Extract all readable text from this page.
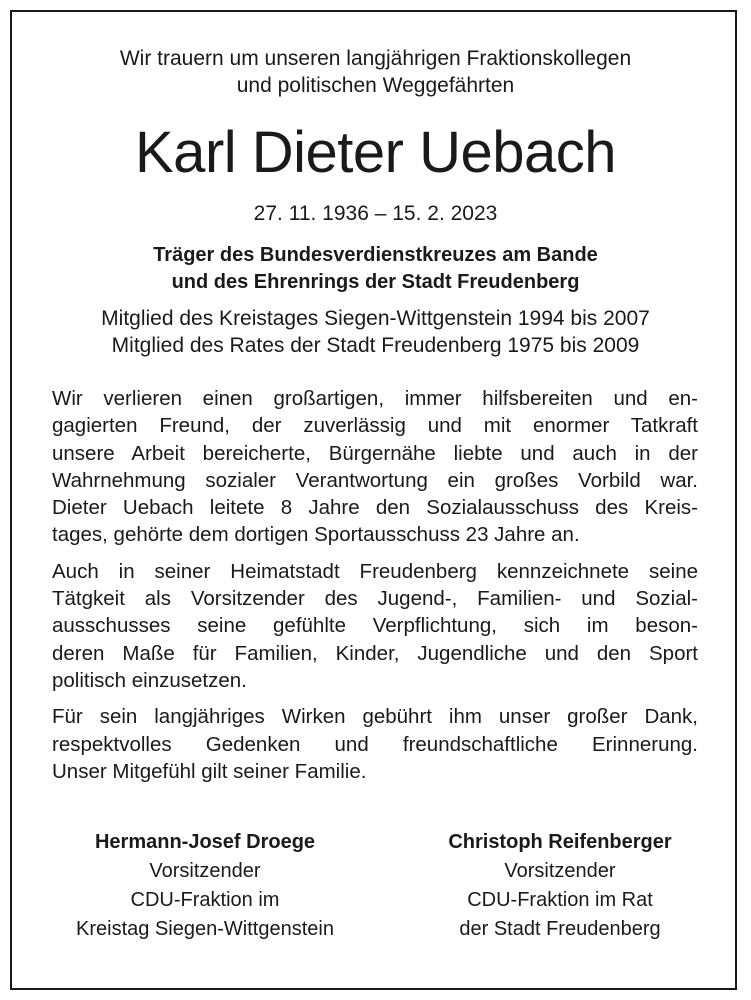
Wir trauern um unseren langjährigen Fraktionskollegen
und politischen Weggefährten
Karl Dieter Uebach
27. 11. 1936 – 15. 2. 2023
Träger des Bundesverdienstkreuzes am Bande
und des Ehrenrings der Stadt Freudenberg
Mitglied des Kreistages Siegen-Wittgenstein 1994 bis 2007
Mitglied des Rates der Stadt Freudenberg 1975 bis 2009

Wir verlieren einen großartigen, immer hilfsbereiten und en-
gagierten Freund, der zuverlässig und mit enormer Tatkraft
unsere Arbeit bereicherte, Bürgernähe liebte und auch in der
Wahrnehmung sozialer Verantwortung ein großes Vorbild war.
Dieter Uebach leitete 8 Jahre den Sozialausschuss des Kreis-
tages, gehörte dem dortigen Sportausschuss 23 Jahre an.

Auch in seiner Heimatstadt Freudenberg kennzeichnete seine
Tätgkeit als Vorsitzender des Jugend-, Familien- und Sozial-
ausschusses seine gefühlte Verpflichtung, sich im beson-
deren Maße für Familien, Kinder, Jugendliche und den Sport
politisch einzusetzen.

Für sein langjähriges Wirken gebührt ihm unser großer Dank,
respektvolles Gedenken und freundschaftliche Erinnerung.
Unser Mitgefühl gilt seiner Familie.

Hermann-Josef Droege
Vorsitzender
CDU-Fraktion im
Kreistag Siegen-Wittgenstein
Christoph Reifenberger
Vorsitzender
CDU-Fraktion im Rat
der Stadt Freudenberg
